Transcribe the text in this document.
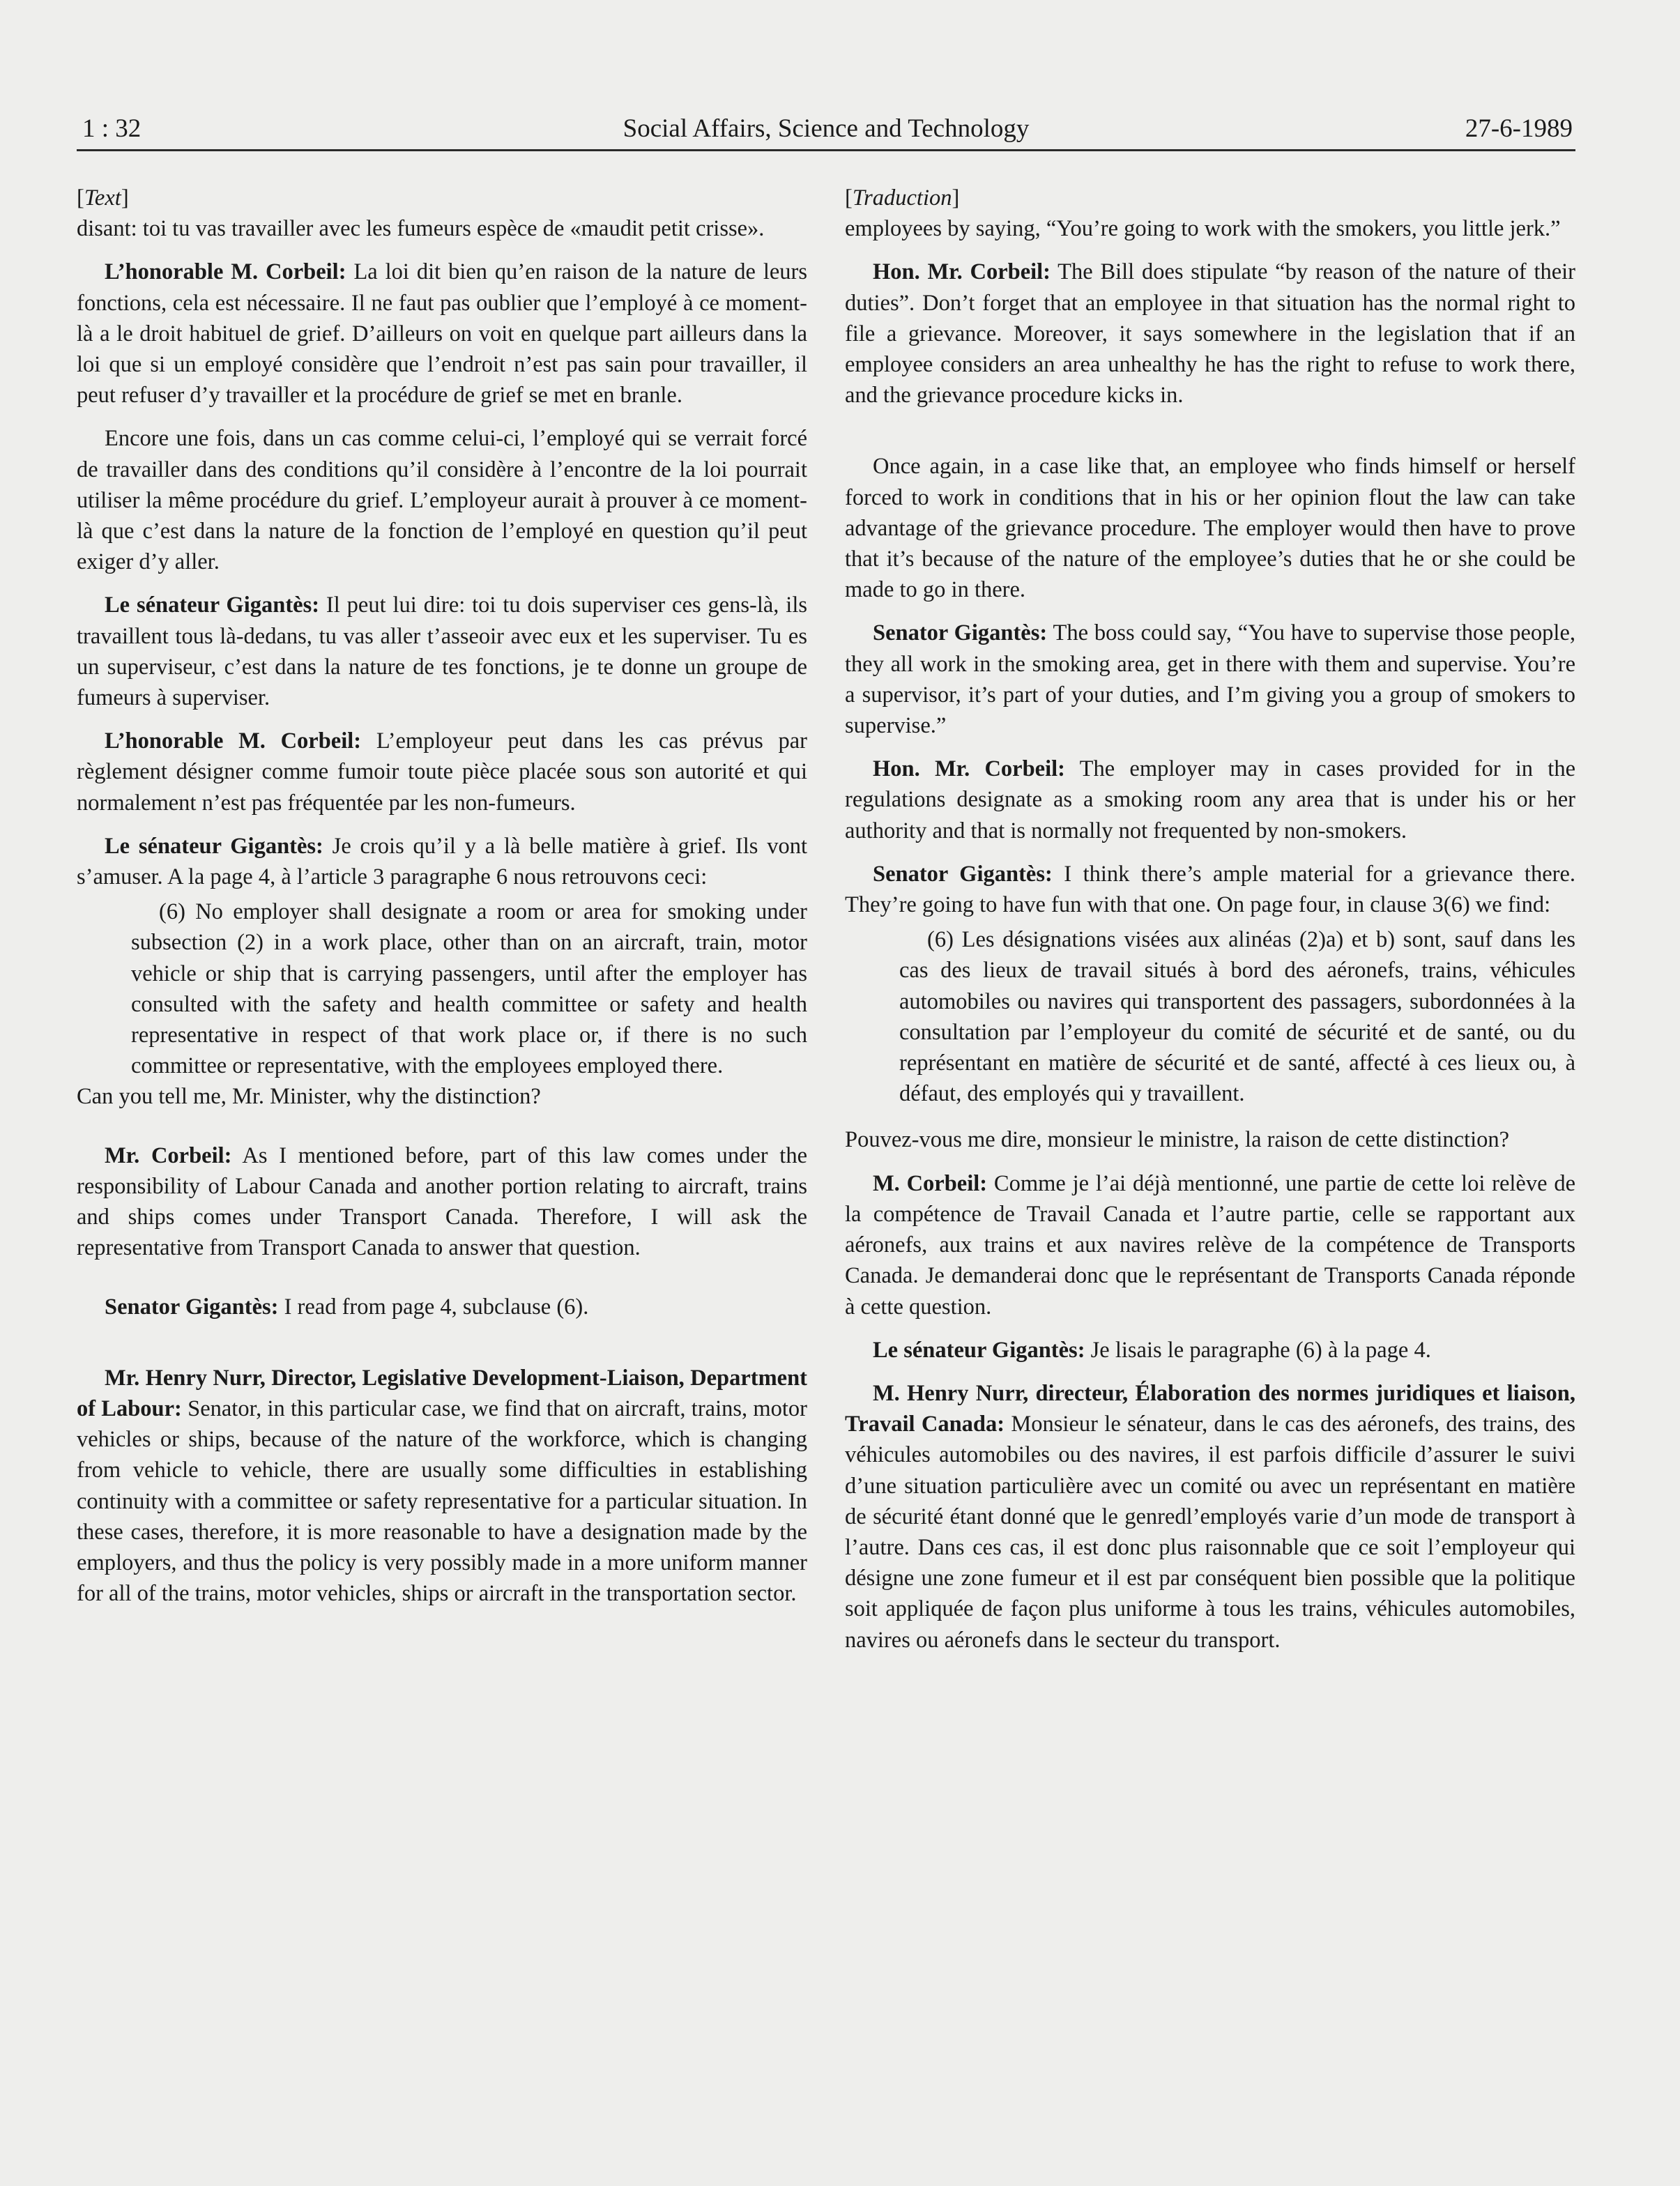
1 : 32	Social Affairs, Science and Technology	27-6-1989
[Text]

disant: toi tu vas travailler avec les fumeurs espèce de «maudit petit crisse».

L’honorable M. Corbeil: La loi dit bien qu’en raison de la nature de leurs fonctions, cela est nécessaire. Il ne faut pas oublier que l’employé à ce moment-là a le droit habituel de grief. D’ailleurs on voit en quelque part ailleurs dans la loi que si un employé considère que l’endroit n’est pas sain pour travailler, il peut refuser d’y travailler et la procédure de grief se met en branle.

Encore une fois, dans un cas comme celui-ci, l’employé qui se verrait forcé de travailler dans des conditions qu’il considère à l’encontre de la loi pourrait utiliser la même procédure du grief. L’employeur aurait à prouver à ce moment-là que c’est dans la nature de la fonction de l’employé en question qu’il peut exiger d’y aller.

Le sénateur Gigantès: Il peut lui dire: toi tu dois superviser ces gens-là, ils travaillent tous là-dedans, tu vas aller t’asseoir avec eux et les superviser. Tu es un superviseur, c’est dans la nature de tes fonctions, je te donne un groupe de fumeurs à superviser.

L’honorable M. Corbeil: L’employeur peut dans les cas prévus par règlement désigner comme fumoir toute pièce placée sous son autorité et qui normalement n’est pas fréquentée par les non-fumeurs.

Le sénateur Gigantès: Je crois qu’il y a là belle matière à grief. Ils vont s’amuser. A la page 4, à l’article 3 paragraphe 6 nous retrouvons ceci:

(6) No employer shall designate a room or area for smoking under subsection (2) in a work place, other than on an aircraft, train, motor vehicle or ship that is carrying passengers, until after the employer has consulted with the safety and health committee or safety and health representative in respect of that work place or, if there is no such committee or representative, with the employees employed there.

Can you tell me, Mr. Minister, why the distinction?

Mr. Corbeil: As I mentioned before, part of this law comes under the responsibility of Labour Canada and another portion relating to aircraft, trains and ships comes under Transport Canada. Therefore, I will ask the representative from Transport Canada to answer that question.

Senator Gigantès: I read from page 4, subclause (6).

Mr. Henry Nurr, Director, Legislative Development-Liaison, Department of Labour: Senator, in this particular case, we find that on aircraft, trains, motor vehicles or ships, because of the nature of the workforce, which is changing from vehicle to vehicle, there are usually some difficulties in establishing continuity with a committee or safety representative for a particular situation. In these cases, therefore, it is more reasonable to have a designation made by the employers, and thus the policy is very possibly made in a more uniform manner for all of the trains, motor vehicles, ships or aircraft in the transportation sector.

[Traduction]

employees by saying, “You’re going to work with the smokers, you little jerk.”

Hon. Mr. Corbeil: The Bill does stipulate “by reason of the nature of their duties”. Don’t forget that an employee in that situation has the normal right to file a grievance. Moreover, it says somewhere in the legislation that if an employee considers an area unhealthy he has the right to refuse to work there, and the grievance procedure kicks in.

Once again, in a case like that, an employee who finds himself or herself forced to work in conditions that in his or her opinion flout the law can take advantage of the grievance procedure. The employer would then have to prove that it’s because of the nature of the employee’s duties that he or she could be made to go in there.

Senator Gigantès: The boss could say, “You have to supervise those people, they all work in the smoking area, get in there with them and supervise. You’re a supervisor, it’s part of your duties, and I’m giving you a group of smokers to supervise.”

Hon. Mr. Corbeil: The employer may in cases provided for in the regulations designate as a smoking room any area that is under his or her authority and that is normally not frequented by non-smokers.

Senator Gigantès: I think there’s ample material for a grievance there. They’re going to have fun with that one. On page four, in clause 3(6) we find:

(6) Les désignations visées aux alinéas (2)a) et b) sont, sauf dans les cas des lieux de travail situés à bord des aéronefs, trains, véhicules automobiles ou navires qui transportent des passagers, subordonnées à la consultation par l’employeur du comité de sécurité et de santé, ou du représentant en matière de sécurité et de santé, affecté à ces lieux ou, à défaut, des employés qui y travaillent.

Pouvez-vous me dire, monsieur le ministre, la raison de cette distinction?

M. Corbeil: Comme je l’ai déjà mentionné, une partie de cette loi relève de la compétence de Travail Canada et l’autre partie, celle se rapportant aux aéronefs, aux trains et aux navires relève de la compétence de Transports Canada. Je demanderai donc que le représentant de Transports Canada réponde à cette question.

Le sénateur Gigantès: Je lisais le paragraphe (6) à la page 4.

M. Henry Nurr, directeur, Élaboration des normes juridiques et liaison, Travail Canada: Monsieur le sénateur, dans le cas des aéronefs, des trains, des véhicules automobiles ou des navires, il est parfois difficile d’assurer le suivi d’une situation particulière avec un comité ou avec un représentant en matière de sécurité étant donné que le genredl’employés varie d’un mode de transport à l’autre. Dans ces cas, il est donc plus raisonnable que ce soit l’employeur qui désigne une zone fumeur et il est par conséquent bien possible que la politique soit appliquée de façon plus uniforme à tous les trains, véhicules automobiles, navires ou aéronefs dans le secteur du transport.
